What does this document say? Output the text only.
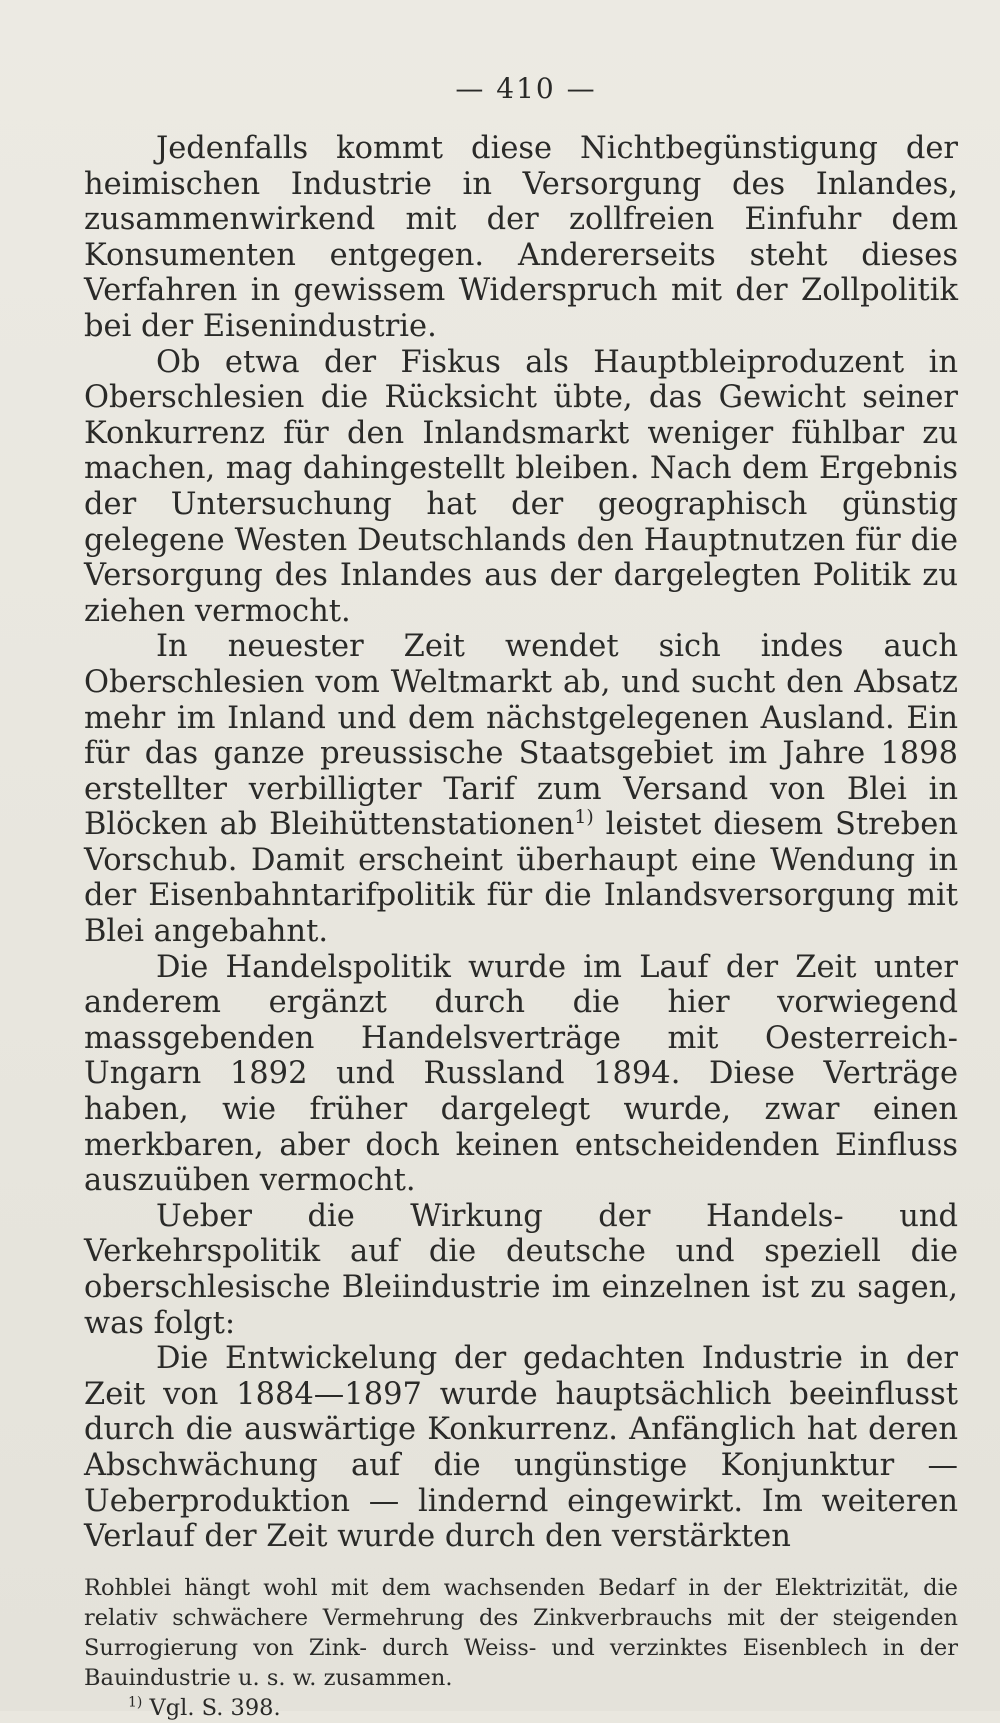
— 410 —

Jedenfalls kommt diese Nichtbegünstigung der heimischen Industrie in Versorgung des Inlandes, zusammenwirkend mit der zollfreien Einfuhr dem Konsumenten entgegen. Andererseits steht dieses Verfahren in gewissem Widerspruch mit der Zollpolitik bei der Eisenindustrie.

Ob etwa der Fiskus als Hauptbleiproduzent in Oberschlesien die Rücksicht übte, das Gewicht seiner Konkurrenz für den Inlandsmarkt weniger fühlbar zu machen, mag dahingestellt bleiben. Nach dem Ergebnis der Untersuchung hat der geographisch günstig gelegene Westen Deutschlands den Hauptnutzen für die Versorgung des Inlandes aus der dargelegten Politik zu ziehen vermocht.

In neuester Zeit wendet sich indes auch Oberschlesien vom Weltmarkt ab, und sucht den Absatz mehr im Inland und dem nächstgelegenen Ausland. Ein für das ganze preussische Staatsgebiet im Jahre 1898 erstellter verbilligter Tarif zum Versand von Blei in Blöcken ab Bleihüttenstationen$^{1)}$ leistet diesem Streben Vorschub. Damit erscheint überhaupt eine Wendung in der Eisenbahntarifpolitik für die Inlandsversorgung mit Blei angebahnt.

Die Handelspolitik wurde im Lauf der Zeit unter anderem ergänzt durch die hier vorwiegend massgebenden Handelsverträge mit Oesterreich-Ungarn 1892 und Russland 1894. Diese Verträge haben, wie früher dargelegt wurde, zwar einen merkbaren, aber doch keinen entscheidenden Einfluss auszuüben vermocht.

Ueber die Wirkung der Handels- und Verkehrspolitik auf die deutsche und speziell die oberschlesische Bleiindustrie im einzelnen ist zu sagen, was folgt:

Die Entwickelung der gedachten Industrie in der Zeit von 1884—1897 wurde hauptsächlich beeinflusst durch die auswärtige Konkurrenz. Anfänglich hat deren Abschwächung auf die ungünstige Konjunktur — Ueberproduktion — lindernd eingewirkt. Im weiteren Verlauf der Zeit wurde durch den verstärkten

Rohblei hängt wohl mit dem wachsenden Bedarf in der Elektrizität, die relativ schwächere Vermehrung des Zinkverbrauchs mit der steigenden Surrogierung von Zink- durch Weiss- und verzinktes Eisenblech in der Bauindustrie u. s. w. zusammen.

$^{1)}$ Vgl. S. 398.
